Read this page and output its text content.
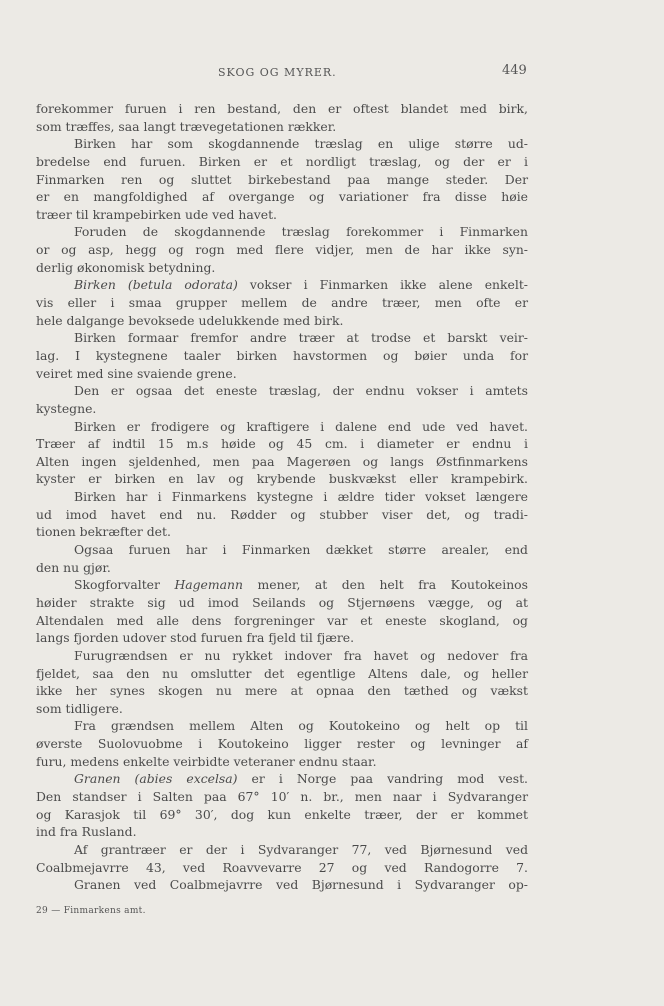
SKOG OG MYRER.	449
forekommer furuen i ren bestand, den er oftest blandet med birk,
som træffes, saa langt trævegetationen rækker.
Birken har som skogdannende træslag en ulige større ud-
bredelse end furuen. Birken er et nordligt træslag, og der er i
Finmarken ren og sluttet birkebestand paa mange steder. Der
er en mangfoldighed af overgange og variationer fra disse høie
træer til krampebirken ude ved havet.
Foruden de skogdannende træslag forekommer i Finmarken
or og asp, hegg og rogn med flere vidjer, men de har ikke syn-
derlig økonomisk betydning.
Birken (betula odorata) vokser i Finmarken ikke alene enkelt-
vis eller i smaa grupper mellem de andre træer, men ofte er
hele dalgange bevoksede udelukkende med birk.
Birken formaar fremfor andre træer at trodse et barskt veir-
lag. I kystegnene taaler birken havstormen og bøier unda for
veiret med sine svaiende grene.
Den er ogsaa det eneste træslag, der endnu vokser i amtets
kystegne.
Birken er frodigere og kraftigere i dalene end ude ved havet.
Træer af indtil 15 m.s høide og 45 cm. i diameter er endnu i
Alten ingen sjeldenhed, men paa Magerøen og langs Østfinmarkens
kyster er birken en lav og krybende buskvækst eller krampebirk.
Birken har i Finmarkens kystegne i ældre tider vokset længere
ud imod havet end nu. Rødder og stubber viser det, og tradi-
tionen bekræfter det.
Ogsaa furuen har i Finmarken dækket større arealer, end
den nu gjør.
Skogforvalter Hagemann mener, at den helt fra Koutokeinos
høider strakte sig ud imod Seilands og Stjernøens vægge, og at
Altendalen med alle dens forgreninger var et eneste skogland, og
langs fjorden udover stod furuen fra fjeld til fjære.
Furugrændsen er nu rykket indover fra havet og nedover fra
fjeldet, saa den nu omslutter det egentlige Altens dale, og heller
ikke her synes skogen nu mere at opnaa den tæthed og vækst
som tidligere.
Fra grændsen mellem Alten og Koutokeino og helt op til
øverste Suolovuobme i Koutokeino ligger rester og levninger af
furu, medens enkelte veirbidte veteraner endnu staar.
Granen (abies excelsa) er i Norge paa vandring mod vest.
Den standser i Salten paa 67° 10′ n. br., men naar i Sydvaranger
og Karasjok til 69° 30′, dog kun enkelte træer, der er kommet
ind fra Rusland.
Af grantræer er der i Sydvaranger 77, ved Bjørnesund ved
Coalbmejavrre 43, ved Roavvevarre 27 og ved Randogorre 7.
Granen ved Coalbmejavrre ved Bjørnesund i Sydvaranger op-
29 — Finmarkens amt.
